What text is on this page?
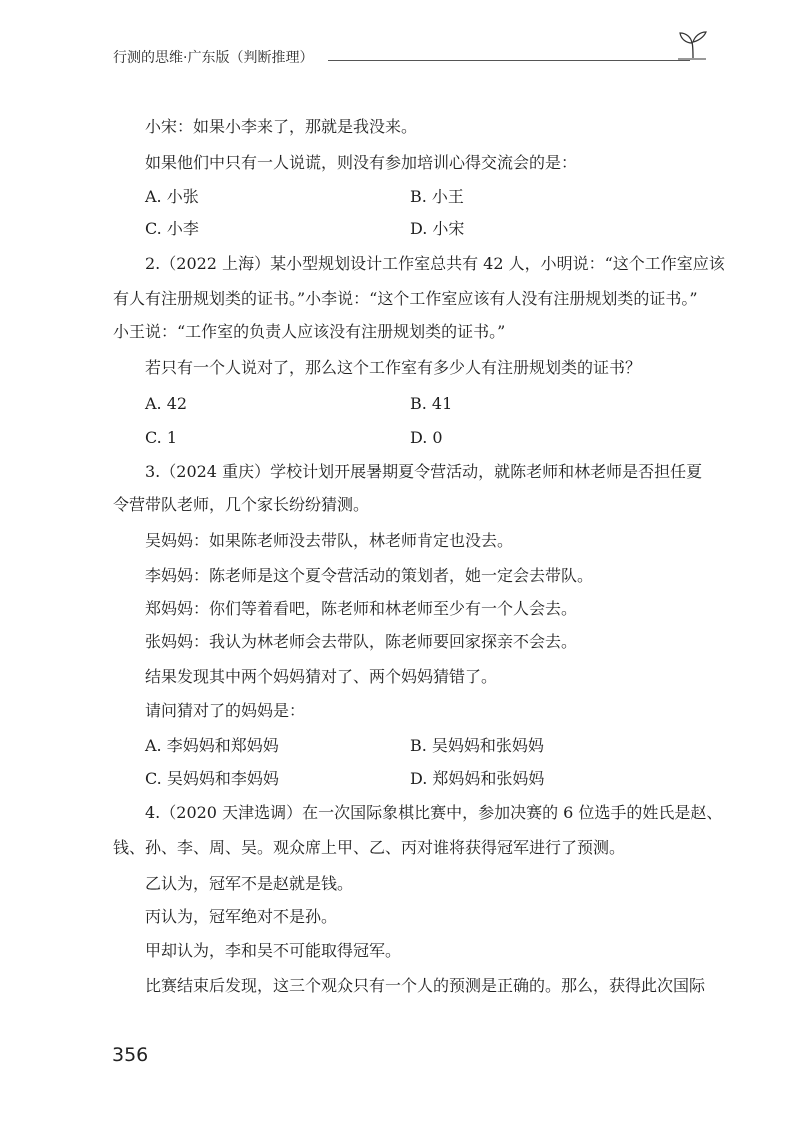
行测的思维·广东版（判断推理）
小宋：如果小李来了，那就是我没来。
如果他们中只有一人说谎，则没有参加培训心得交流会的是：
A. 小张	B. 小王
C. 小李	D. 小宋
2.（2022 上海）某小型规划设计工作室总共有 42 人，小明说：“这个工作室应该
有人有注册规划类的证书。”小李说：“这个工作室应该有人没有注册规划类的证书。”
小王说：“工作室的负责人应该没有注册规划类的证书。”
若只有一个人说对了，那么这个工作室有多少人有注册规划类的证书？
A. 42	B. 41
C. 1	D. 0
3.（2024 重庆）学校计划开展暑期夏令营活动，就陈老师和林老师是否担任夏
令营带队老师，几个家长纷纷猜测。
吴妈妈：如果陈老师没去带队，林老师肯定也没去。
李妈妈：陈老师是这个夏令营活动的策划者，她一定会去带队。
郑妈妈：你们等着看吧，陈老师和林老师至少有一个人会去。
张妈妈：我认为林老师会去带队，陈老师要回家探亲不会去。
结果发现其中两个妈妈猜对了、两个妈妈猜错了。
请问猜对了的妈妈是：
A. 李妈妈和郑妈妈	B. 吴妈妈和张妈妈
C. 吴妈妈和李妈妈	D. 郑妈妈和张妈妈
4.（2020 天津选调）在一次国际象棋比赛中，参加决赛的 6 位选手的姓氏是赵、
钱、孙、李、周、吴。观众席上甲、乙、丙对谁将获得冠军进行了预测。
乙认为，冠军不是赵就是钱。
丙认为，冠军绝对不是孙。
甲却认为，李和吴不可能取得冠军。
比赛结束后发现，这三个观众只有一个人的预测是正确的。那么，获得此次国际
356
